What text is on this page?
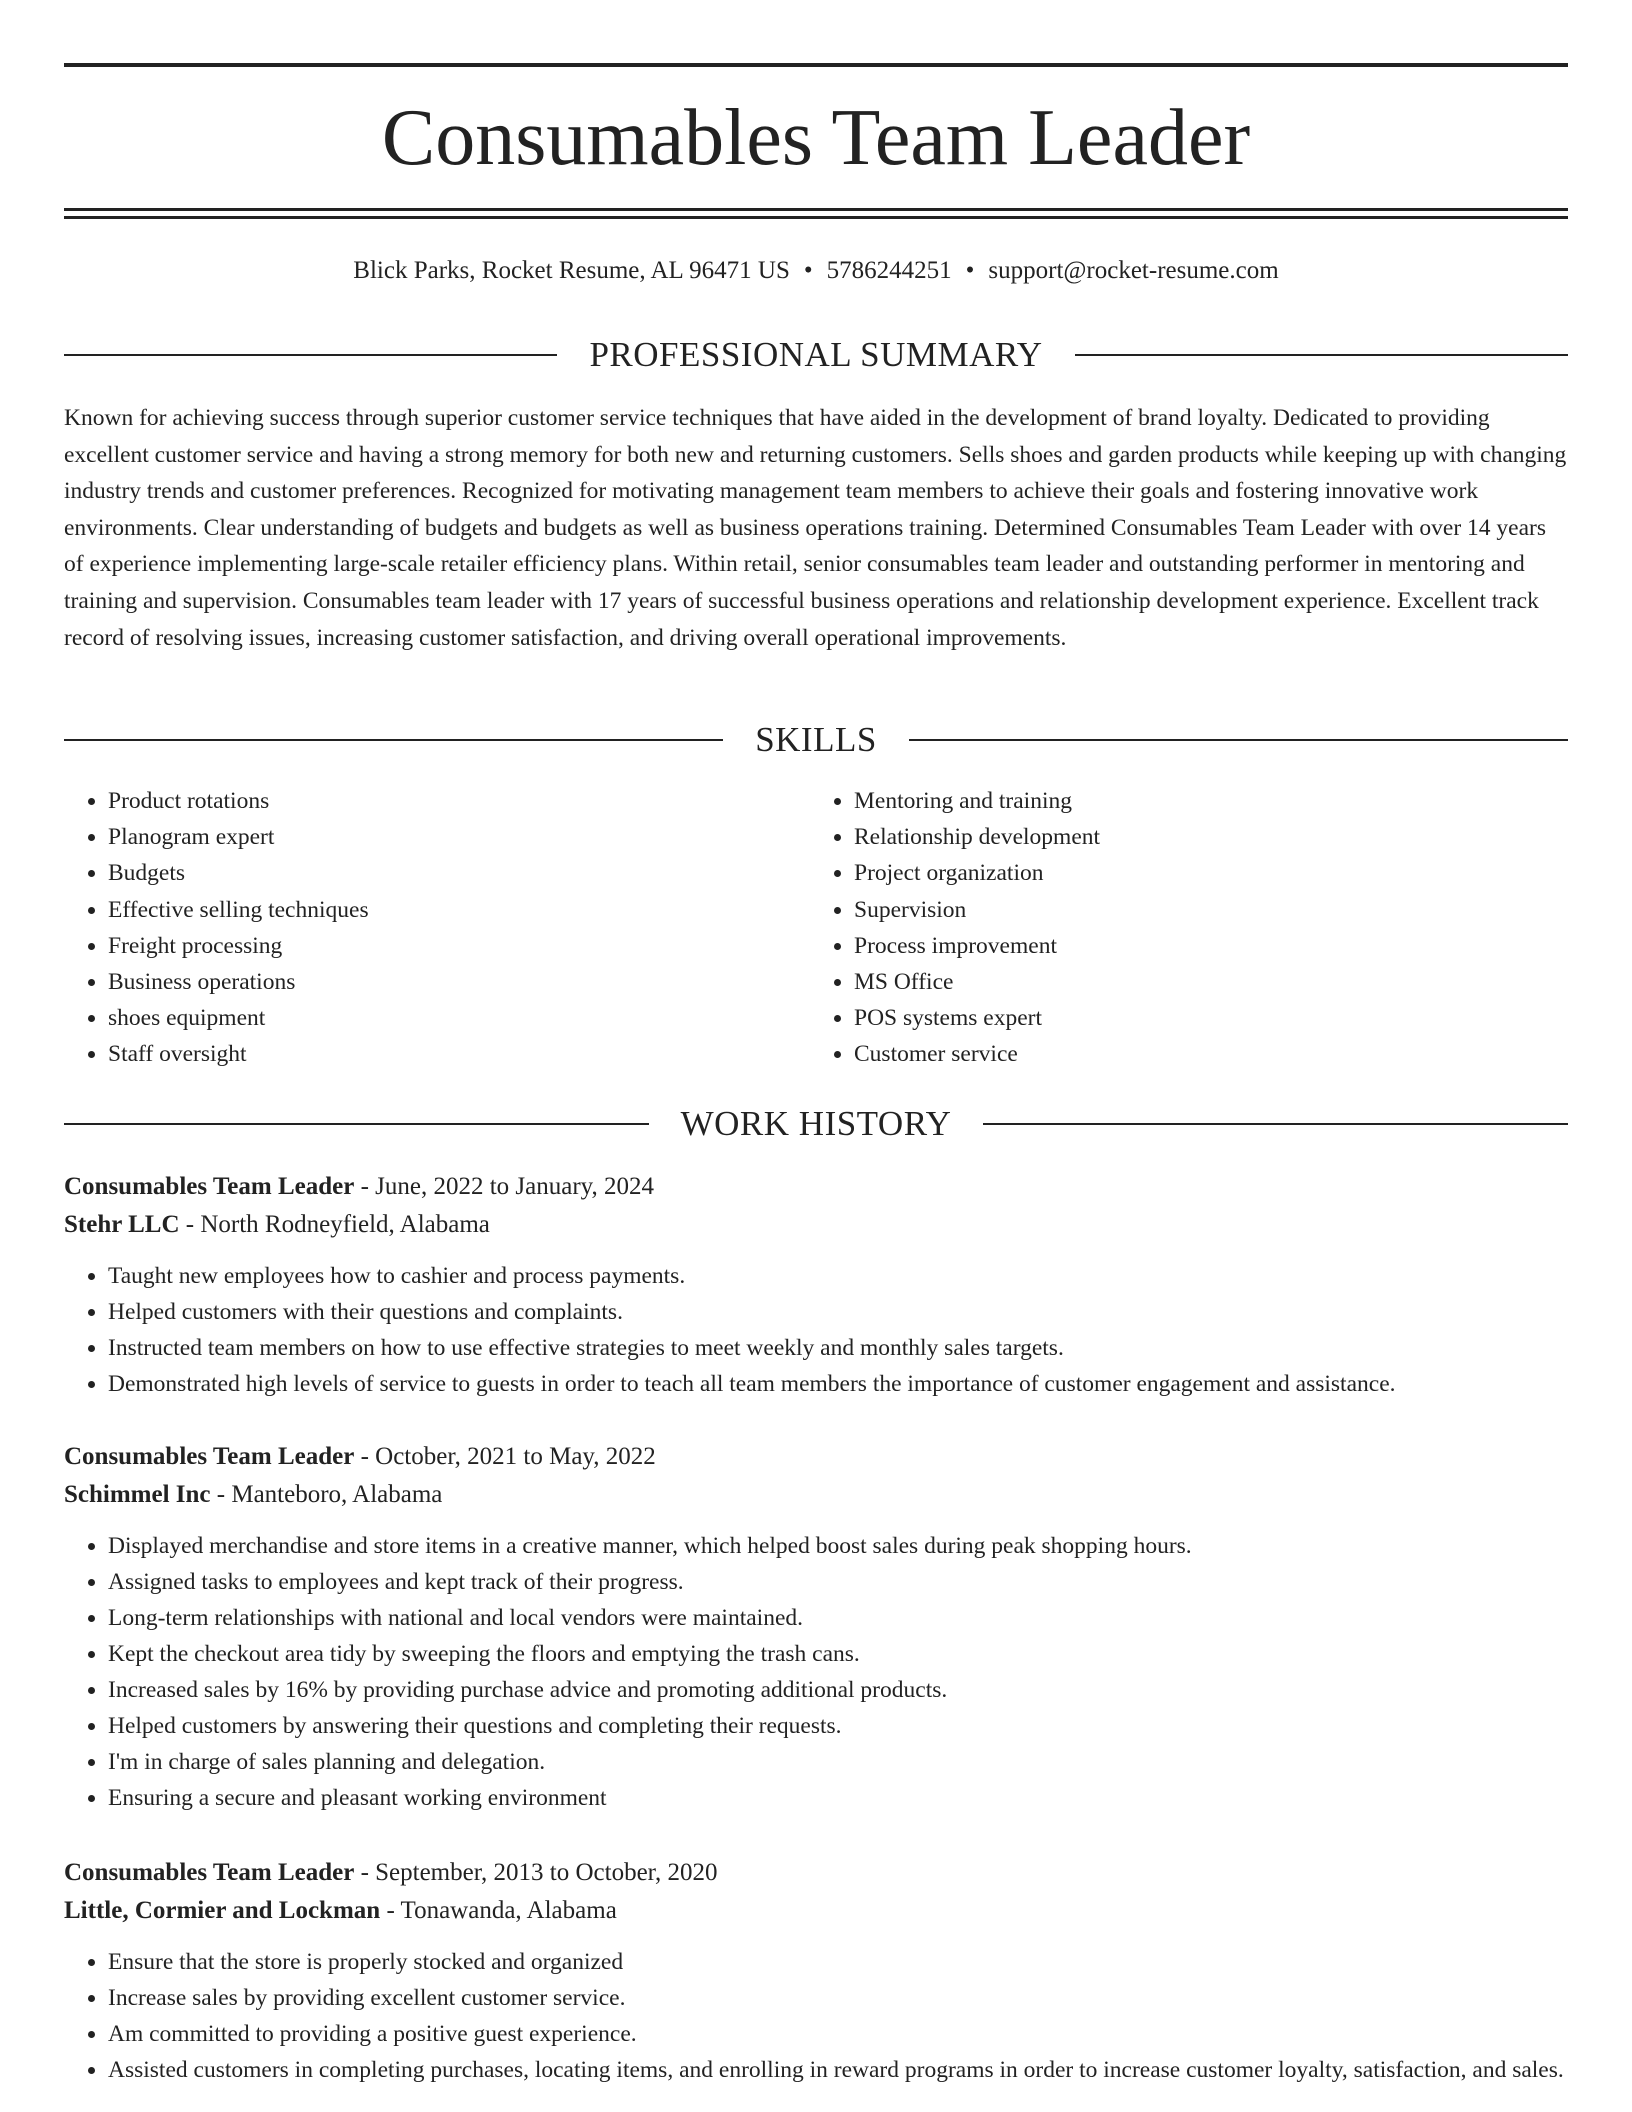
Consumables Team Leader
Blick Parks, Rocket Resume, AL 96471 US • 5786244251 • support@rocket-resume.com
PROFESSIONAL SUMMARY

Known for achieving success through superior customer service techniques that have aided in the development of brand loyalty. Dedicated to providing excellent customer service and having a strong memory for both new and returning customers. Sells shoes and garden products while keeping up with changing industry trends and customer preferences. Recognized for motivating management team members to achieve their goals and fostering innovative work environments. Clear understanding of budgets and budgets as well as business operations training. Determined Consumables Team Leader with over 14 years of experience implementing large-scale retailer efficiency plans. Within retail, senior consumables team leader and outstanding performer in mentoring and training and supervision. Consumables team leader with 17 years of successful business operations and relationship development experience. Excellent track record of resolving issues, increasing customer satisfaction, and driving overall operational improvements.

SKILLS
• Product rotations
• Planogram expert
• Budgets
• Effective selling techniques
• Freight processing
• Business operations
• shoes equipment
• Staff oversight
• Mentoring and training
• Relationship development
• Project organization
• Supervision
• Process improvement
• MS Office
• POS systems expert
• Customer service
WORK HISTORY
Consumables Team Leader - June, 2022 to January, 2024
Stehr LLC - North Rodneyfield, Alabama
• Taught new employees how to cashier and process payments.
• Helped customers with their questions and complaints.
• Instructed team members on how to use effective strategies to meet weekly and monthly sales targets.
• Demonstrated high levels of service to guests in order to teach all team members the importance of customer engagement and assistance.
Consumables Team Leader - October, 2021 to May, 2022
Schimmel Inc - Manteboro, Alabama
• Displayed merchandise and store items in a creative manner, which helped boost sales during peak shopping hours.
• Assigned tasks to employees and kept track of their progress.
• Long-term relationships with national and local vendors were maintained.
• Kept the checkout area tidy by sweeping the floors and emptying the trash cans.
• Increased sales by 16% by providing purchase advice and promoting additional products.
• Helped customers by answering their questions and completing their requests.
• I'm in charge of sales planning and delegation.
• Ensuring a secure and pleasant working environment
Consumables Team Leader - September, 2013 to October, 2020
Little, Cormier and Lockman - Tonawanda, Alabama
• Ensure that the store is properly stocked and organized
• Increase sales by providing excellent customer service.
• Am committed to providing a positive guest experience.
• Assisted customers in completing purchases, locating items, and enrolling in reward programs in order to increase customer loyalty, satisfaction, and sales.
